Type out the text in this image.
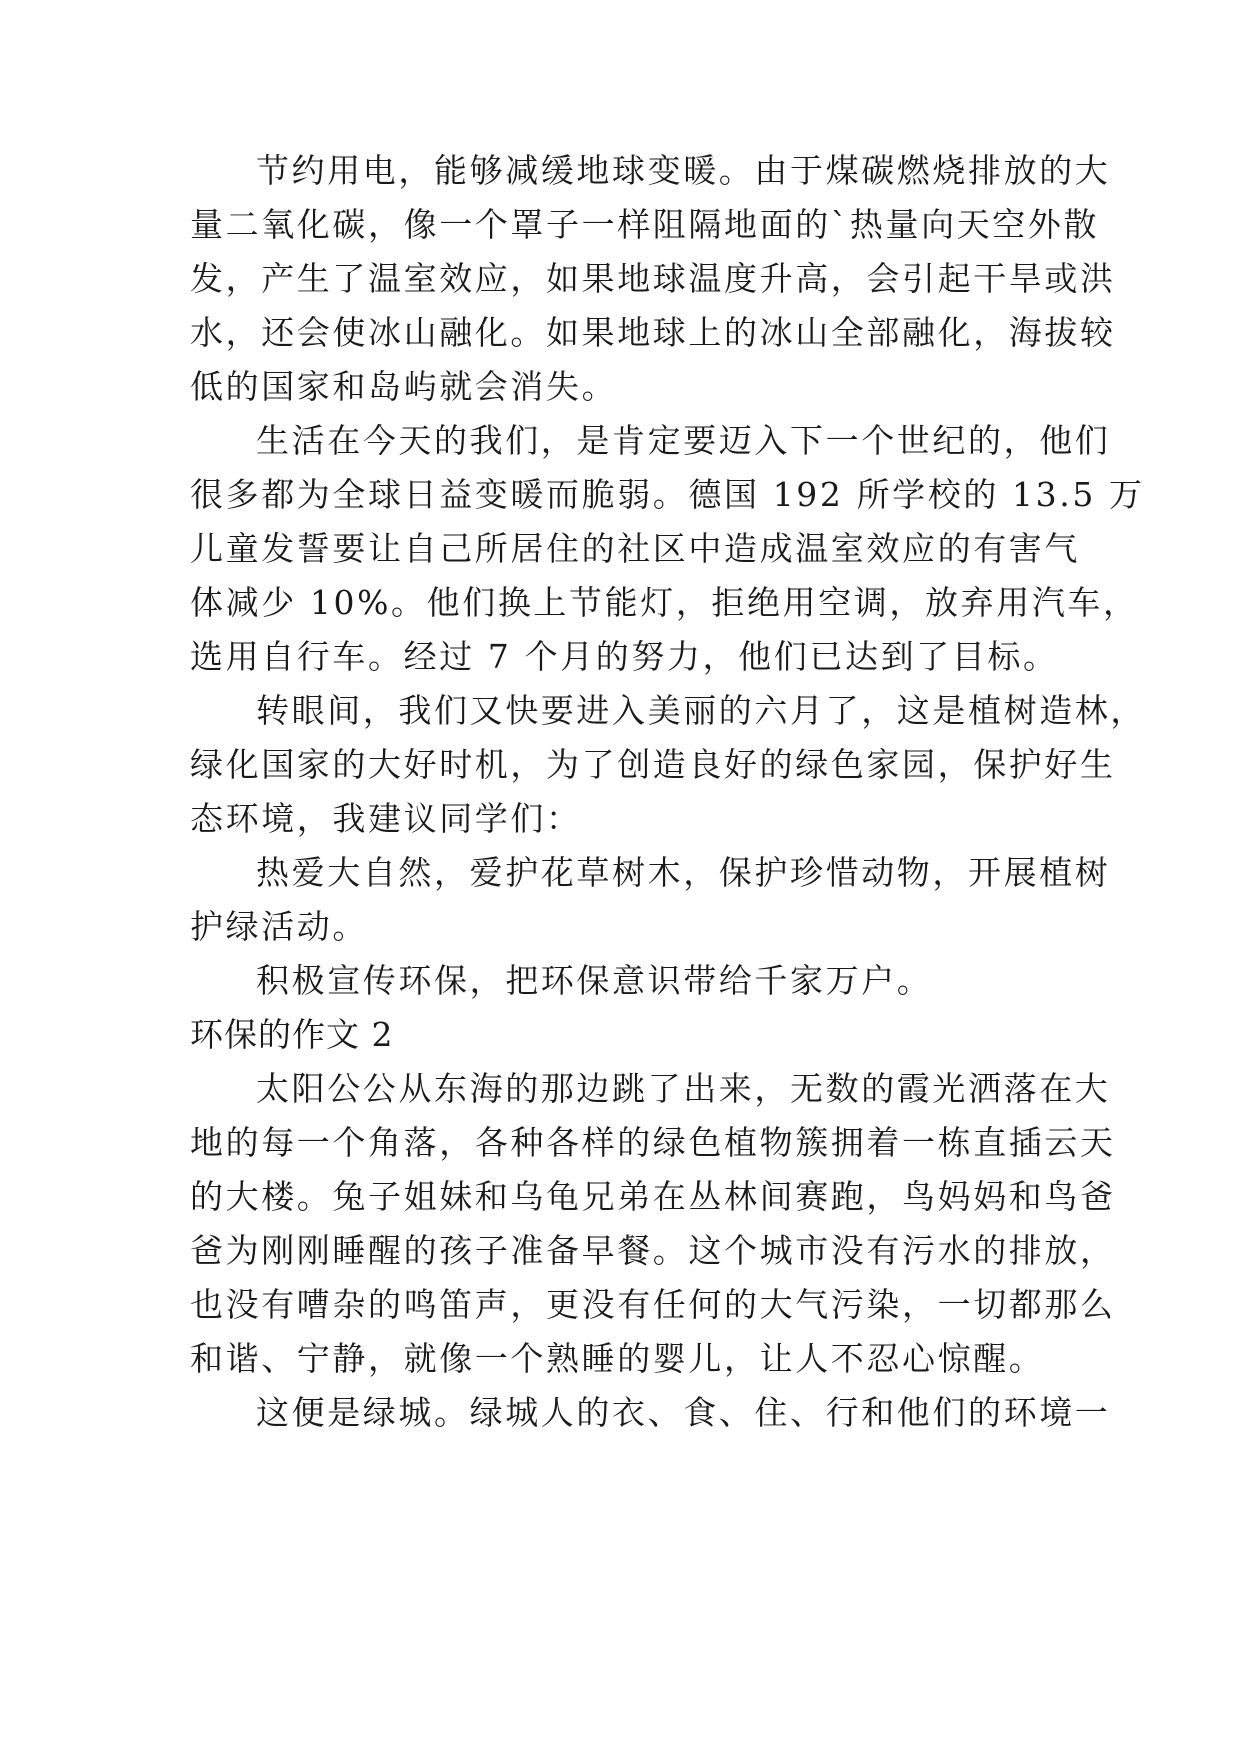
节约用电，能够减缓地球变暖。由于煤碳燃烧排放的大
量二氧化碳，像一个罩子一样阻隔地面的`热量向天空外散
发，产生了温室效应，如果地球温度升高，会引起干旱或洪
水，还会使冰山融化。如果地球上的冰山全部融化，海拔较
低的国家和岛屿就会消失。
生活在今天的我们，是肯定要迈入下一个世纪的，他们
很多都为全球日益变暖而脆弱。德国 192 所学校的 13.5 万
儿童发誓要让自己所居住的社区中造成温室效应的有害气
体减少 10%。他们换上节能灯，拒绝用空调，放弃用汽车，
选用自行车。经过 7 个月的努力，他们已达到了目标。
转眼间，我们又快要进入美丽的六月了，这是植树造林，
绿化国家的大好时机，为了创造良好的绿色家园，保护好生
态环境，我建议同学们：
热爱大自然，爱护花草树木，保护珍惜动物，开展植树
护绿活动。
积极宣传环保，把环保意识带给千家万户。
环保的作文 2
太阳公公从东海的那边跳了出来，无数的霞光洒落在大
地的每一个角落，各种各样的绿色植物簇拥着一栋直插云天
的大楼。兔子姐妹和乌龟兄弟在丛林间赛跑，鸟妈妈和鸟爸
爸为刚刚睡醒的孩子准备早餐。这个城市没有污水的排放，
也没有嘈杂的鸣笛声，更没有任何的大气污染，一切都那么
和谐、宁静，就像一个熟睡的婴儿，让人不忍心惊醒。
这便是绿城。绿城人的衣、食、住、行和他们的环境一
